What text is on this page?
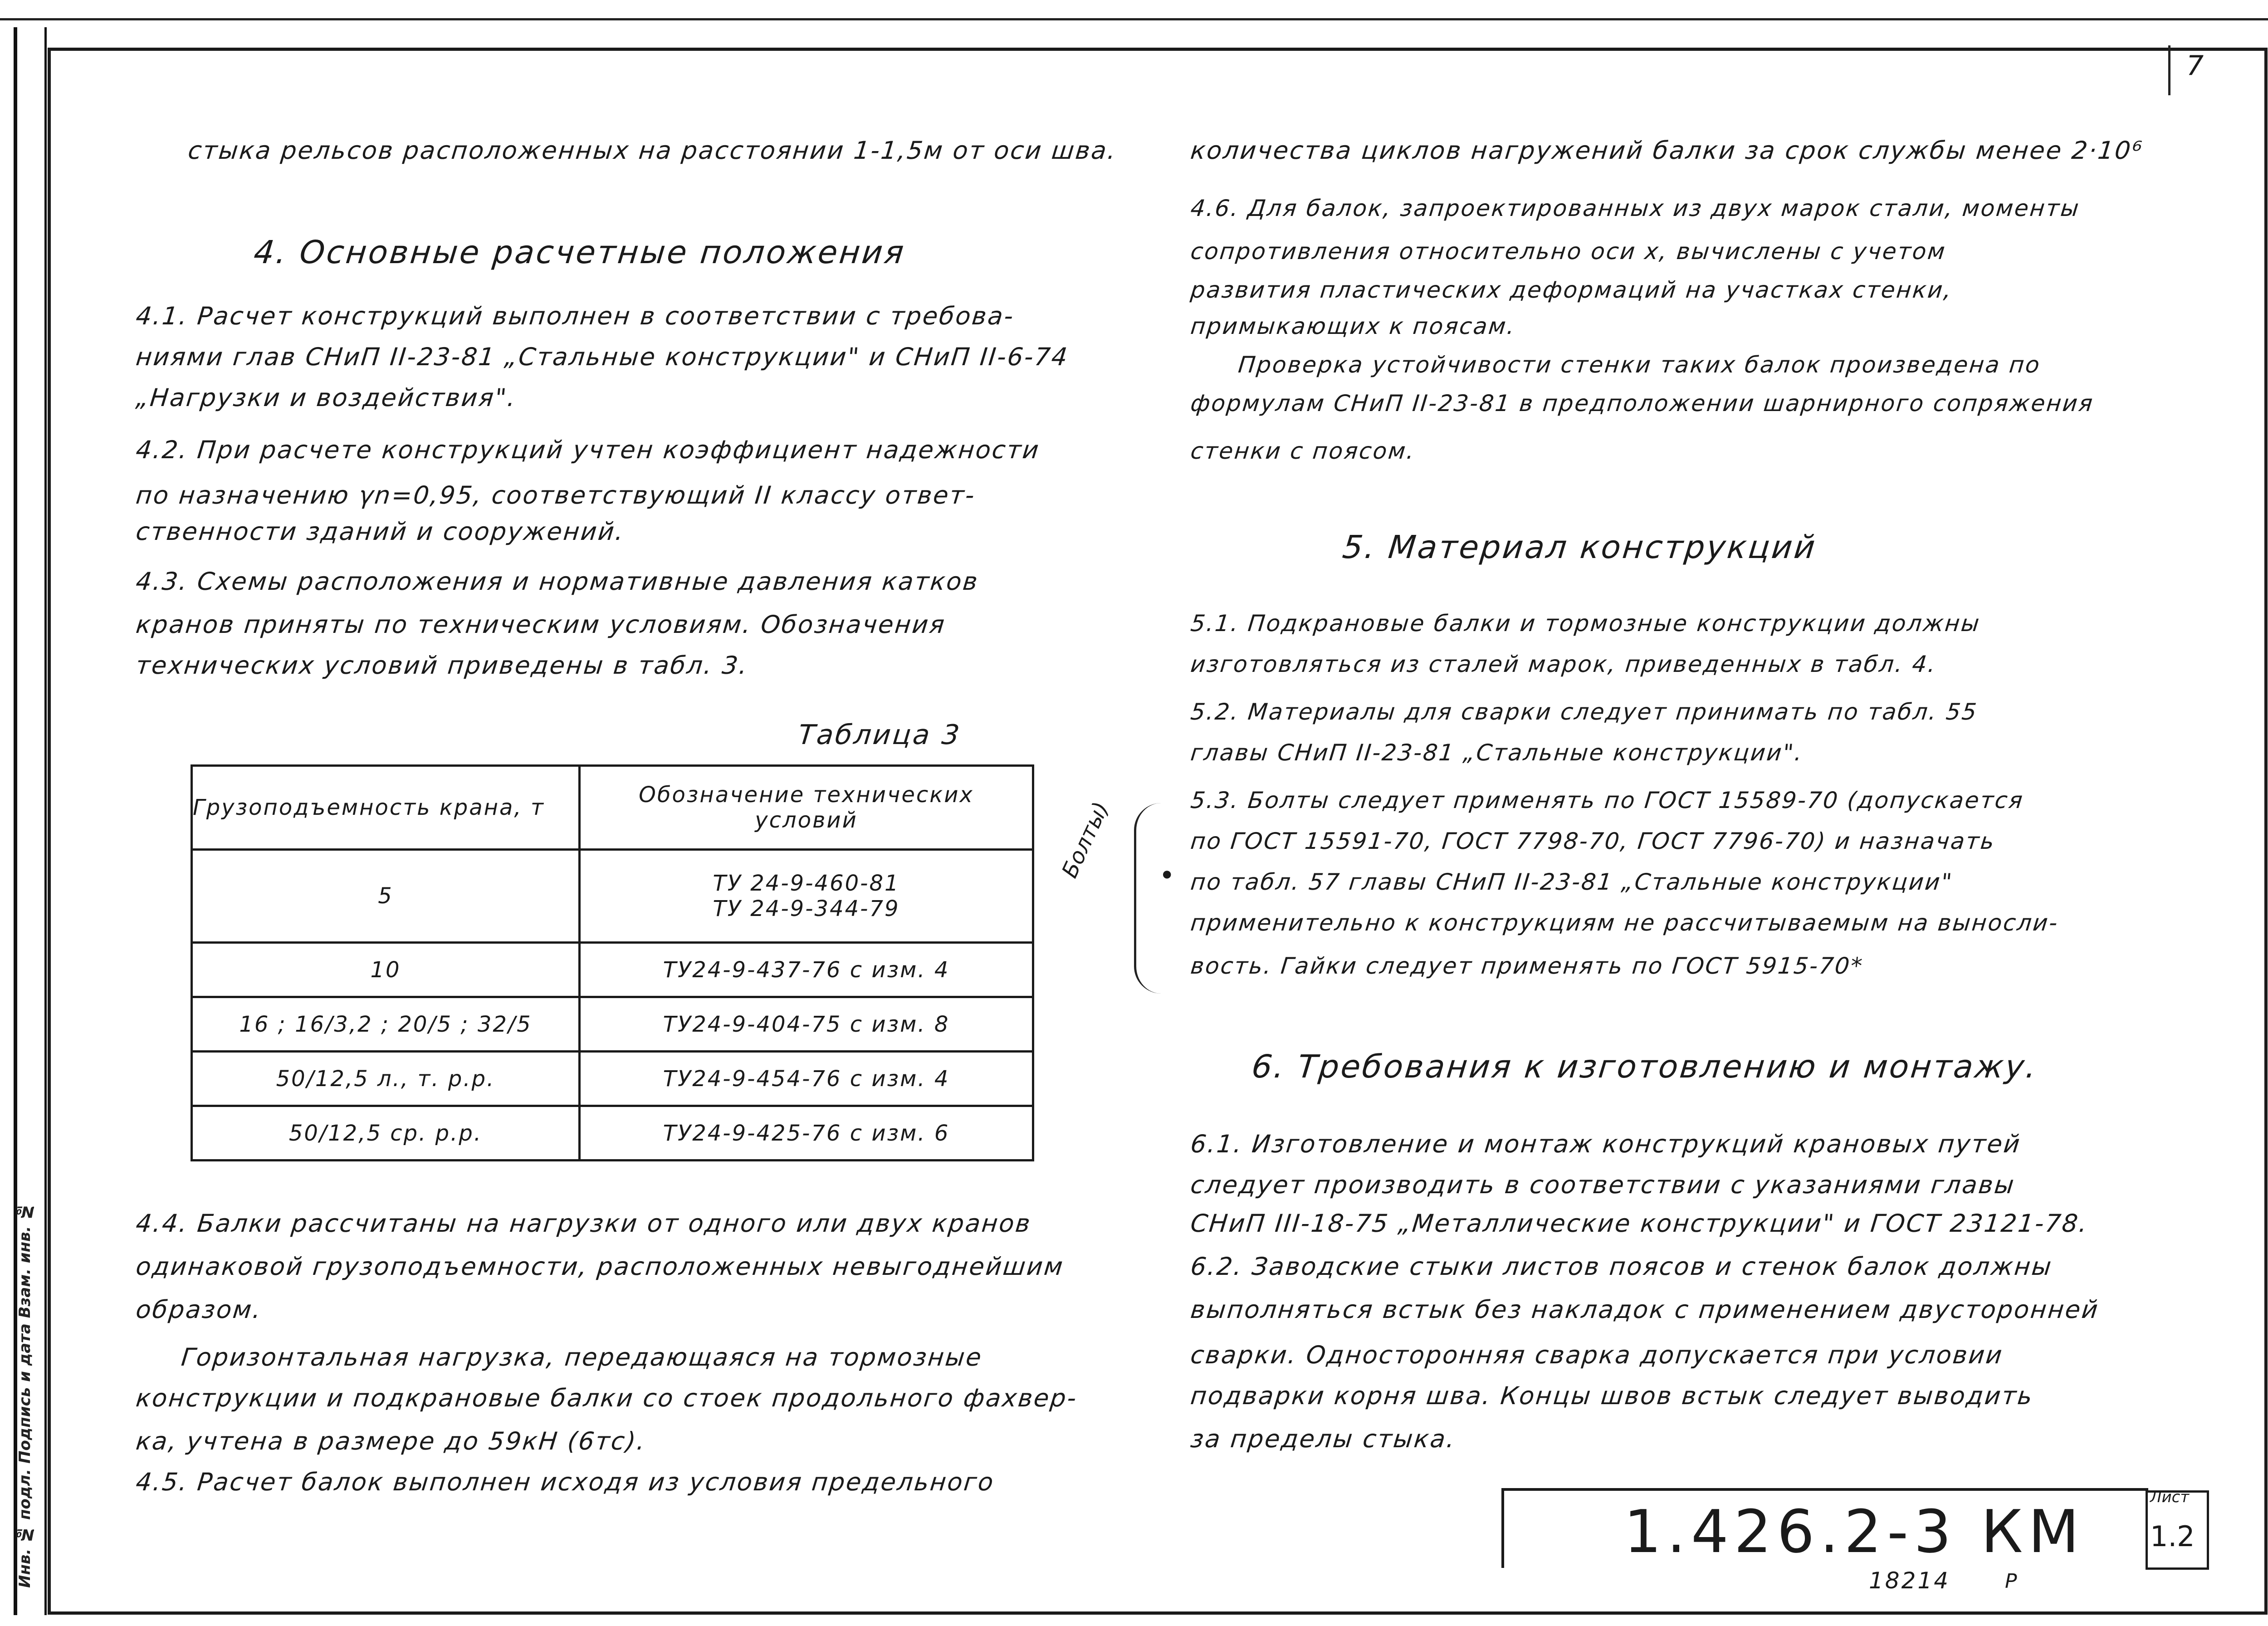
Инв. № подл. Подпись и дата Взам. инв. №
7
стыка рельсов расположенных на расстоянии 1-1,5м от оси шва.
4. Основные расчетные положения
4.1. Расчет конструкций выполнен в соответствии с требова-
ниями глав СНиП II-23-81 „Стальные конструкции" и СНиП II-6-74
„Нагрузки и воздействия".
4.2. При расчете конструкций учтен коэффициент надежности
по назначению γn=0,95, соответствующий II классу ответ-
ственности зданий и сооружений.
4.3. Схемы расположения и нормативные давления катков
кранов приняты по техническим условиям. Обозначения
технических условий приведены в табл. 3.
Таблица 3
Грузоподъемность крана, т	Обозначение технических
условий

5	ТУ 24-9-460-81
ТУ 24-9-344-79

10	ТУ24-9-437-76 с изм. 4
16 ; 16/3,2 ; 20/5 ; 32/5	ТУ24-9-404-75 с изм. 8
50/12,5 л., т. р.р.	ТУ24-9-454-76 с изм. 4
50/12,5 ср. р.р.	ТУ24-9-425-76 с изм. 6
4.4. Балки рассчитаны на нагрузки от одного или двух кранов
одинаковой грузоподъемности, расположенных невыгоднейшим
образом.
Горизонтальная нагрузка, передающаяся на тормозные
конструкции и подкрановые балки со стоек продольного фахвер-
ка, учтена в размере до 59кН (6тс).
4.5. Расчет балок выполнен исходя из условия предельного
Болты) •
количества циклов нагружений балки за срок службы менее 2·10⁶
4.6. Для балок, запроектированных из двух марок стали, моменты
сопротивления относительно оси х, вычислены с учетом
развития пластических деформаций на участках стенки,
примыкающих к поясам.
Проверка устойчивости стенки таких балок произведена по
формулам СНиП II-23-81 в предположении шарнирного сопряжения
стенки с поясом.
5. Материал конструкций
5.1. Подкрановые балки и тормозные конструкции должны
изготовляться из сталей марок, приведенных в табл. 4.
5.2. Материалы для сварки следует принимать по табл. 55
главы СНиП II-23-81 „Стальные конструкции".
5.3. Болты следует применять по ГОСТ 15589-70 (допускается
по ГОСТ 15591-70, ГОСТ 7798-70, ГОСТ 7796-70) и назначать
по табл. 57 главы СНиП II-23-81 „Стальные конструкции"
применительно к конструкциям не рассчитываемым на выносли-
вость. Гайки следует применять по ГОСТ 5915-70*
6. Требования к изготовлению и монтажу.
6.1. Изготовление и монтаж конструкций крановых путей
следует производить в соответствии с указаниями главы
СНиП III-18-75 „Металлические конструкции" и ГОСТ 23121-78.
6.2. Заводские стыки листов поясов и стенок балок должны
выполняться встык без накладок с применением двусторонней
сварки. Односторонняя сварка допускается при условии
подварки корня шва. Концы швов встык следует выводить
за пределы стыка.
1.426.2-3 КМ	Лист
1.2
18214	P
